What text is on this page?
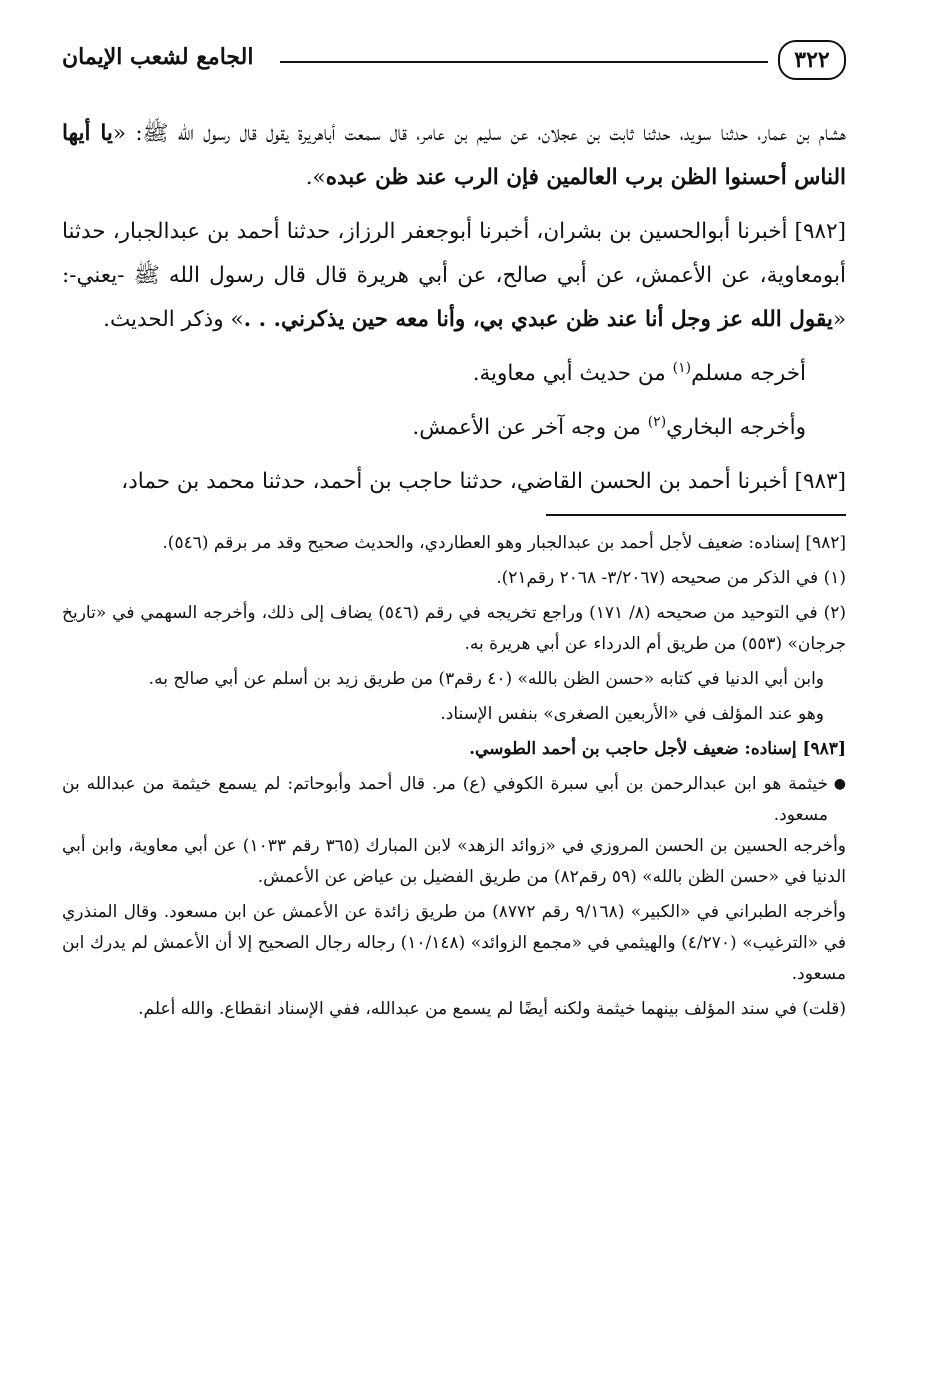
٣٢٢
الجامع لشعب الإيمان

هشام بن عمار، حدثنا سويد، حدثنا ثابت بن عجلان، عن سليم بن عامر، قال سمعت أباهريرة يقول قال رسول الله ﷺ: «يا أيها الناس أحسنوا الظن برب العالمين فإن الرب عند ظن عبده».

[٩٨٢] أخبرنا أبوالحسين بن بشران، أخبرنا أبوجعفر الرزاز، حدثنا أحمد بن عبدالجبار، حدثنا أبومعاوية، عن الأعمش، عن أبي صالح، عن أبي هريرة قال قال رسول الله ﷺ -يعني-: «يقول الله عز وجل أنا عند ظن عبدي بي، وأنا معه حين يذكرني. . .» وذكر الحديث.

أخرجه مسلم$^{(١)}$ من حديث أبي معاوية.

وأخرجه البخاري$^{(٢)}$ من وجه آخر عن الأعمش.

[٩٨٣] أخبرنا أحمد بن الحسن القاضي، حدثنا حاجب بن أحمد، حدثنا محمد بن حماد،

[٩٨٢] إسناده: ضعيف لأجل أحمد بن عبدالجبار وهو العطاردي، والحديث صحيح وقد مر برقم (٥٤٦).

(١) في الذكر من صحيحه (٣/٢٠٦٧- ٢٠٦٨ رقم٢١).

(٢) في التوحيد من صحيحه (٨/ ١٧١) وراجع تخريجه في رقم (٥٤٦) يضاف إلى ذلك، وأخرجه السهمي في «تاريخ جرجان» (٥٥٣) من طريق أم الدرداء عن أبي هريرة به.

وابن أبي الدنيا في كتابه «حسن الظن بالله» (٤٠ رقم٣) من طريق زيد بن أسلم عن أبي صالح به.

وهو عند المؤلف في «الأربعين الصغرى» بنفس الإسناد.

[٩٨٣] إسناده: ضعيف لأجل حاجب بن أحمد الطوسي.

●
خيثمة هو ابن عبدالرحمن بن أبي سبرة الكوفي (ع) مر. قال أحمد وأبوحاتم: لم يسمع خيثمة من عبدالله بن مسعود.

وأخرجه الحسين بن الحسن المروزي في «زوائد الزهد» لابن المبارك (٣٦٥ رقم ١٠٣٣) عن أبي معاوية، وابن أبي الدنيا في «حسن الظن بالله» (٥٩ رقم٨٢) من طريق الفضيل بن عياض عن الأعمش.

وأخرجه الطبراني في «الكبير» (٩/١٦٨ رقم ٨٧٧٢) من طريق زائدة عن الأعمش عن ابن مسعود. وقال المنذري في «الترغيب» (٤/٢٧٠) والهيثمي في «مجمع الزوائد» (١٠/١٤٨) رجاله رجال الصحيح إلا أن الأعمش لم يدرك ابن مسعود.

(قلت) في سند المؤلف بينهما خيثمة ولكنه أيضًا لم يسمع من عبدالله، ففي الإسناد انقطاع. والله أعلم.
